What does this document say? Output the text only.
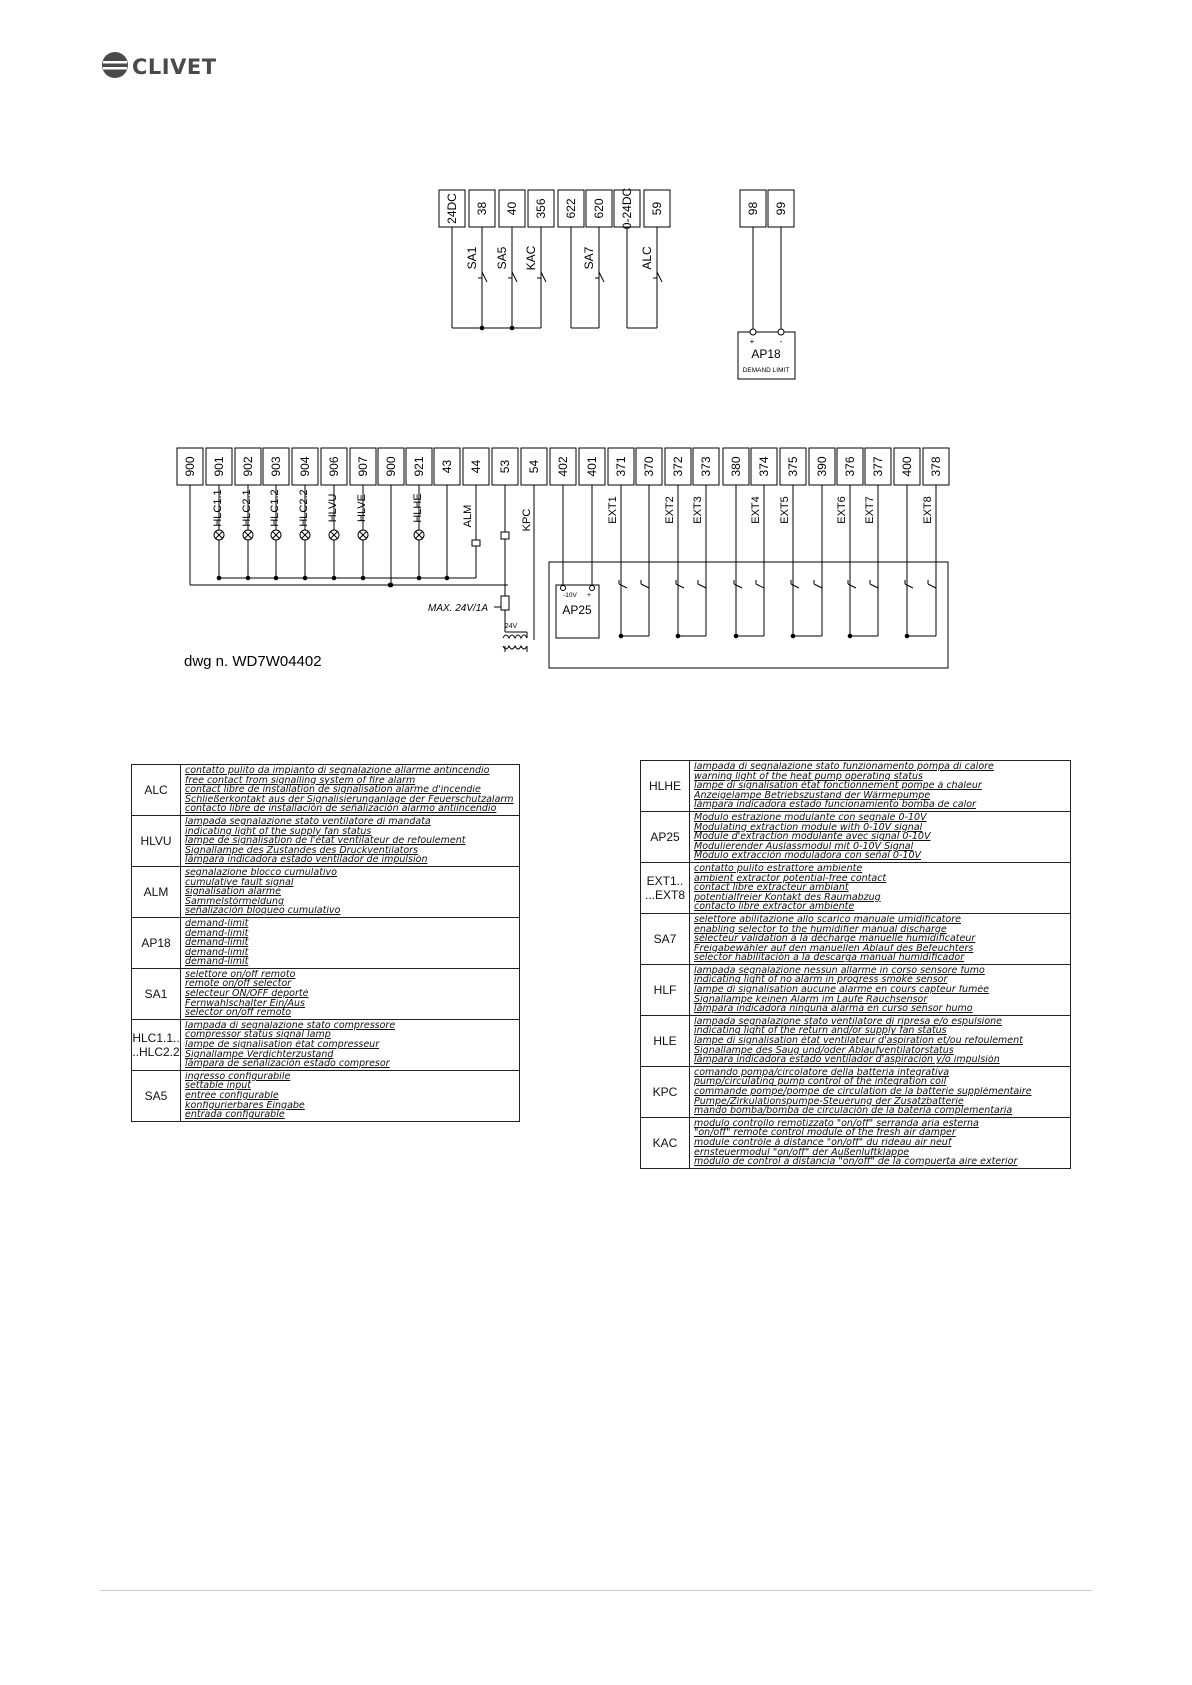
CLIVET
24DC 38 40 356 622 620 0-24DC 59
SA1 SA5 KAC	SA7	ALC
98 99
+	-
AP18
DEMAND LIMIT
900 901 902 903 904 906 907 900 921 43 44 53 54 402 401 371 370 372 373 380 374 375 390 376 377 400 378
HLC1.1 HLC2.1 HLC1.2 HLC2.2 HLVU HLVE	HLHE	ALM	KPC
MAX. 24V/1A
24V
-10V +
AP25
EXT1	EXT2 EXT3	EXT4 EXT5	EXT6 EXT7	EXT8
dwg n. WD7W04402
ALC	contatto pulito da impianto di segnalazione allarme antincendio
free contact from signalling system of fire alarm
contact libre de installation de signalisation alarme d'incendie
Schließerkontakt aus der Signalisierunganlage der Feuerschutzalarm
contacto libre de installación de señalización alarmo antiincendio

HLVU	lampada segnalazione stato ventilatore di mandata
indicating light of the supply fan status
lampe de signalisation de l'état ventilateur de refoulement
Signallampe des Zustandes des Druckventilators
lámpara indicadora estado ventilador de impulsión

ALM	segnalazione blocco cumulativo
cumulative fault signal
signalisation alarme
Sammelstörmeldung
señalización bloqueo cumulativo

AP18	demand-limit
demand-limit
demand-limit
demand-limit
demand-limit

SA1	selettore on/off remoto
remote on/off selector
sélecteur ON/OFF déporté
Fernwahlschalter Ein/Aus
selector on/off remoto

HLC1.1..
..HLC2.2	lampada di segnalazione stato compressore
compressor status signal lamp
lampe de signalisation état compresseur
Signallampe Verdichterzustand
lámpara de señalización estado compresor

SA5	ingresso configurabile
settable input
entrée configurable
konfigurierbares Eingabe
entrada configurable
HLHE	lampada di segnalazione stato funzionamento pompa di calore
warning light of the heat pump operating status
lampe di signalisation état fonctionnement pompe à chaleur
Anzeigelampe Betriebszustand der Wärmepumpe
lámpara indicadora estado funcionamiento bomba de calor

AP25	Modulo estrazione modulante con segnale 0-10V
Modulating extraction module with 0-10V signal
Module d'extraction modulante avec signal 0-10V
Modulierender Auslassmodul mit 0-10V Signal
Módulo extracción moduladora con señal 0-10V

EXT1..
...EXT8	contatto pulito estrattore ambiente
ambient extractor potential-free contact
contact libre extracteur ambiant
potentialfreier Kontakt des Raumabzug
contacto libre extractor ambiente

SA7	selettore abilitazione allo scarico manuale umidificatore
enabling selector to the humidifier manual discharge
sélecteur validation à la décharge manuelle humidificateur
Freigabewähler auf den manuellen Ablauf des Befeuchters
selector habilitación a la descarga manual humidificador

HLF	lampada segnalazione nessun allarme in corso sensore fumo
indicating light of no alarm in progress smoke sensor
lampe di signalisation aucune alarme en cours capteur fumée
Signallampe keinen Alarm im Laufe Rauchsensor
lámpara indicadora ninguna alarma en curso sensor humo

HLE	lampada segnalazione stato ventilatore di ripresa e/o espulsione
indicating light of the return and/or supply fan status
lampe di signalisation état ventilateur d'aspiration et/ou refoulement
Signallampe des Saug und/oder Ablaufventilatorstatus
lámpara indicadora estado ventilador d'aspiración y/o impulsión

KPC	comando pompa/circolatore della batteria integrativa
pump/circulating pump control of the integration coil
commande pompe/pompe de circulation de la batterie supplémentaire
Pumpe/Zirkulationspumpe-Steuerung der Zusatzbatterie
mando bomba/bomba de circulación de la batería complementaria

KAC	modulo controllo remotizzato "on/off" serranda aria esterna
"on/off" remote control module of the fresh air damper
module contrôle à distance "on/off" du rideau air neuf
ernsteuermodul "on/off" der Außenluftklappe
módulo de control a distancia "on/off" de la compuerta aire exterior
